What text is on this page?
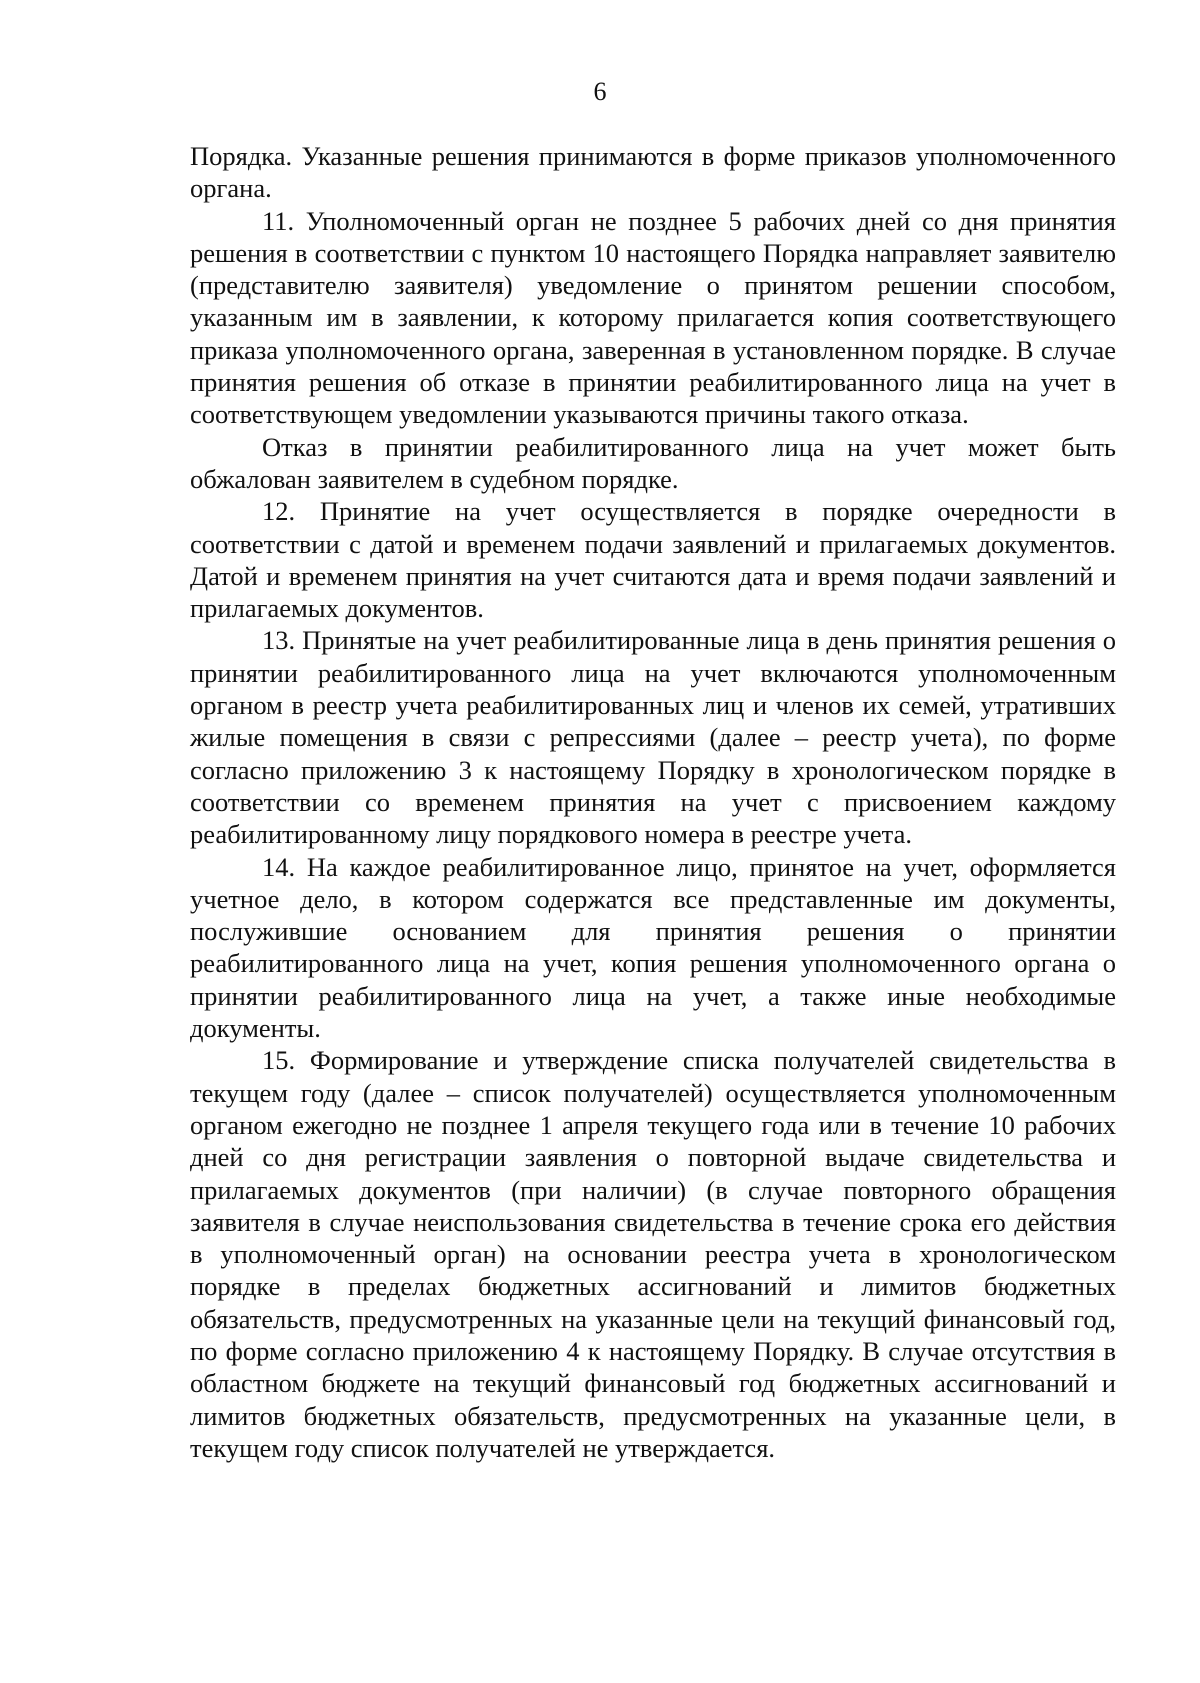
6

Порядка. Указанные решения принимаются в форме приказов уполномоченного органа.

11. Уполномоченный орган не позднее 5 рабочих дней со дня принятия решения в соответствии с пунктом 10 настоящего Порядка направляет заявителю (представителю заявителя) уведомление о принятом решении способом, указанным им в заявлении, к которому прилагается копия соответствующего приказа уполномоченного органа, заверенная в установленном порядке. В случае принятия решения об отказе в принятии реабилитированного лица на учет в соответствующем уведомлении указываются причины такого отказа.

Отказ в принятии реабилитированного лица на учет может быть обжалован заявителем в судебном порядке.

12. Принятие на учет осуществляется в порядке очередности в соответствии с датой и временем подачи заявлений и прилагаемых документов. Датой и временем принятия на учет считаются дата и время подачи заявлений и прилагаемых документов.

13. Принятые на учет реабилитированные лица в день принятия решения о принятии реабилитированного лица на учет включаются уполномоченным органом в реестр учета реабилитированных лиц и членов их семей, утративших жилые помещения в связи с репрессиями (далее – реестр учета), по форме согласно приложению 3 к настоящему Порядку в хронологическом порядке в соответствии со временем принятия на учет с присвоением каждому реабилитированному лицу порядкового номера в реестре учета.

14. На каждое реабилитированное лицо, принятое на учет, оформляется учетное дело, в котором содержатся все представленные им документы, послужившие основанием для принятия решения о принятии реабилитированного лица на учет, копия решения уполномоченного органа о принятии реабилитированного лица на учет, а также иные необходимые документы.

15. Формирование и утверждение списка получателей свидетельства в текущем году (далее – список получателей) осуществляется уполномоченным органом ежегодно не позднее 1 апреля текущего года или в течение 10 рабочих дней со дня регистрации заявления о повторной выдаче свидетельства и прилагаемых документов (при наличии) (в случае повторного обращения заявителя в случае неиспользования свидетельства в течение срока его действия в уполномоченный орган) на основании реестра учета в хронологическом порядке в пределах бюджетных ассигнований и лимитов бюджетных обязательств, предусмотренных на указанные цели на текущий финансовый год, по форме согласно приложению 4 к настоящему Порядку. В случае отсутствия в областном бюджете на текущий финансовый год бюджетных ассигнований и лимитов бюджетных обязательств, предусмотренных на указанные цели, в текущем году список получателей не утверждается.
